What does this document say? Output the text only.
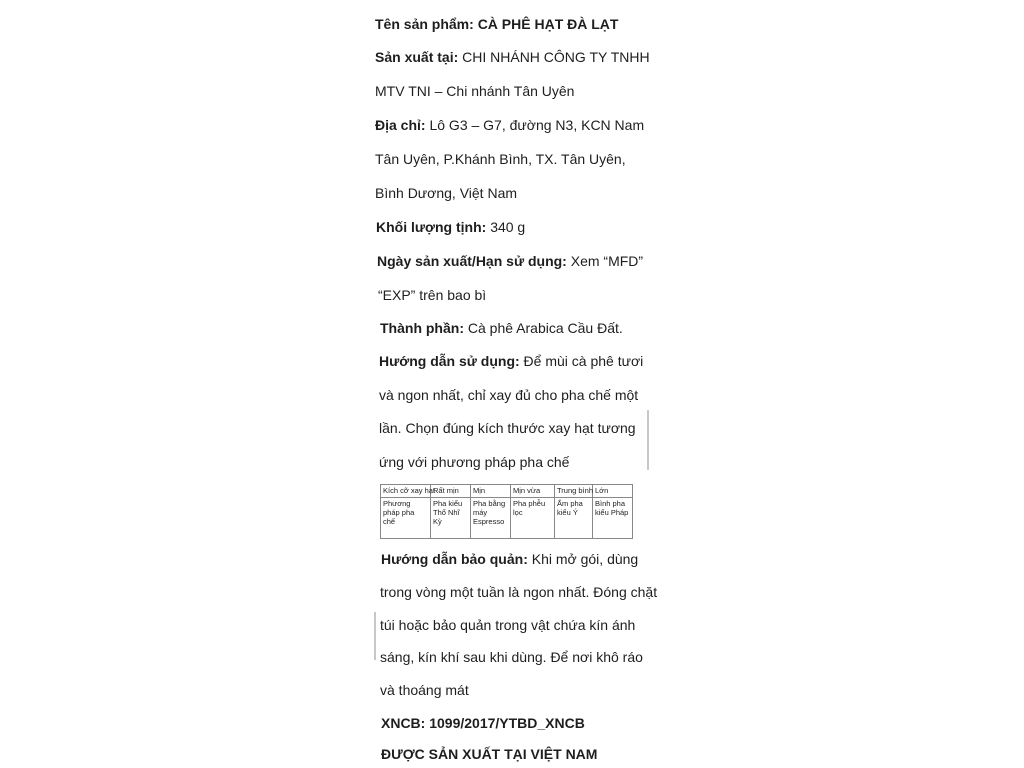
Tên sản phẩm: CÀ PHÊ HẠT ĐÀ LẠT
Sản xuất tại: CHI NHÁNH CÔNG TY TNHH
MTV TNI – Chi nhánh Tân Uyên
Địa chỉ: Lô G3 – G7, đường N3, KCN Nam
Tân Uyên, P.Khánh Bình, TX. Tân Uyên,
Bình Dương, Việt Nam
Khối lượng tịnh: 340 g
Ngày sản xuất/Hạn sử dụng: Xem “MFD”
“EXP” trên bao bì
Thành phần: Cà phê Arabica Cầu Đất.
Hướng dẫn sử dụng: Để mùi cà phê tươi
và ngon nhất, chỉ xay đủ cho pha chế một
lần. Chọn đúng kích thước xay hạt tương
ứng với phương pháp pha chế
Kích cỡ xay hạt	Rất mịn	Mịn	Mịn vừa	Trung bình	Lớn
Phương pháp pha chế	Pha kiểu Thổ Nhĩ Kỳ	Pha bằng máy Espresso	Pha phễu lọc	Ấm pha kiểu Ý	Bình pha kiểu Pháp
Hướng dẫn bảo quản: Khi mở gói, dùng
trong vòng một tuần là ngon nhất. Đóng chặt
túi hoặc bảo quản trong vật chứa kín ánh
sáng, kín khí sau khi dùng. Để nơi khô ráo
và thoáng mát
XNCB: 1099/2017/YTBD_XNCB
ĐƯỢC SẢN XUẤT TẠI VIỆT NAM
